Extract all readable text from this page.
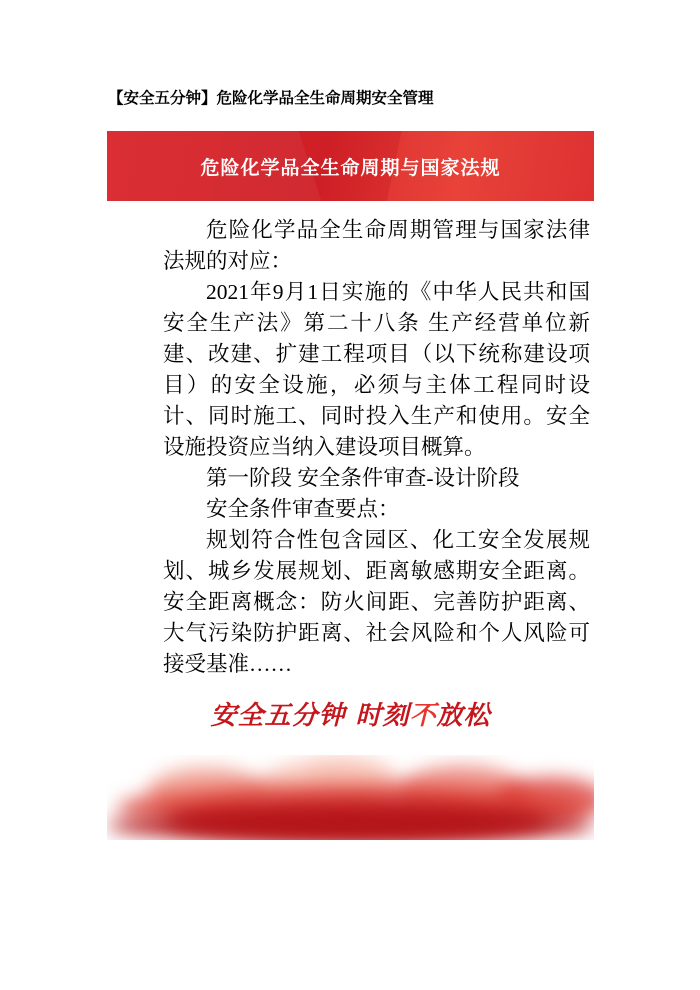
【安全五分钟】危险化学品全生命周期安全管理
危险化学品全生命周期与国家法规

危险化学品全生命周期管理与国家法律法规的对应：

2021年9月1日实施的《中华人民共和国安全生产法》第二十八条 生产经营单位新建、改建、扩建工程项目（以下统称建设项目）的安全设施，必须与主体工程同时设计、同时施工、同时投入生产和使用。安全设施投资应当纳入建设项目概算。

第一阶段 安全条件审查-设计阶段

安全条件审查要点：

规划符合性包含园区、化工安全发展规划、城乡发展规划、距离敏感期安全距离。安全距离概念：防火间距、完善防护距离、大气污染防护距离、社会风险和个人风险可接受基准……

安全五分钟 时刻不放松
